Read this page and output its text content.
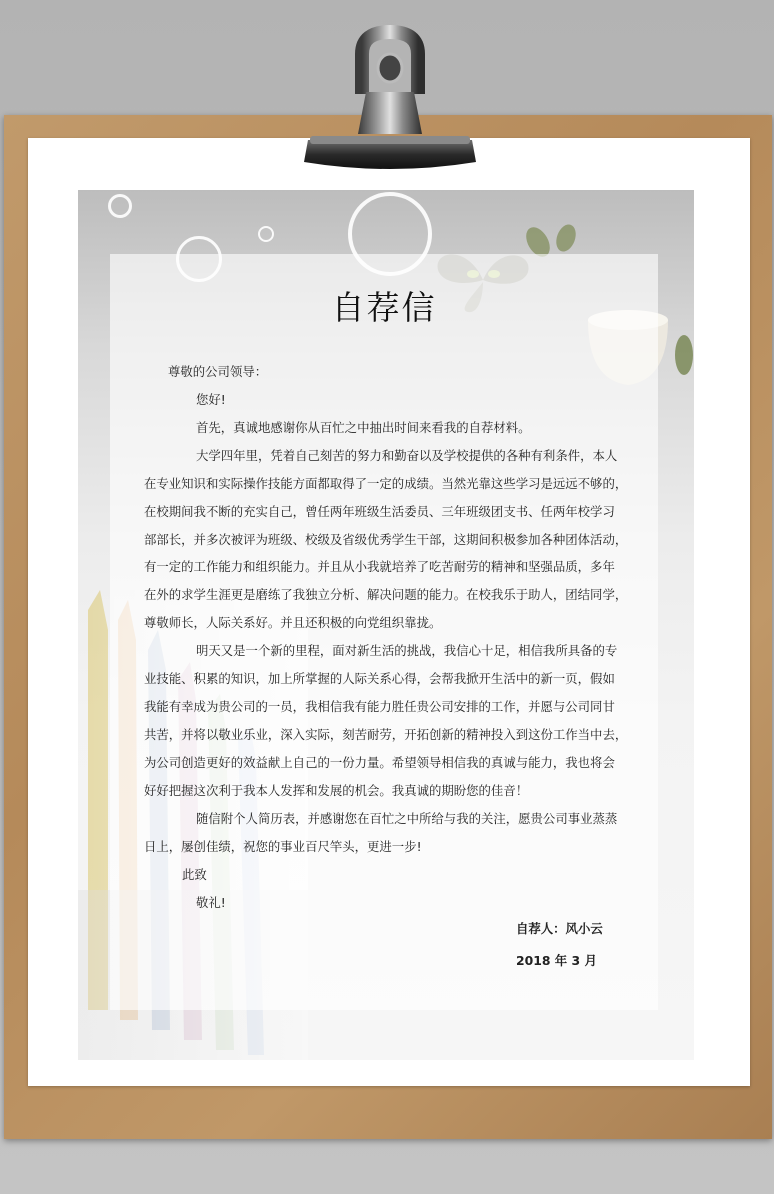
自荐信
尊敬的公司领导：
您好!
首先，真诚地感谢你从百忙之中抽出时间来看我的自荐材料。
大学四年里，凭着自己刻苦的努力和勤奋以及学校提供的各种有利条件，本人
在专业知识和实际操作技能方面都取得了一定的成绩。当然光靠这些学习是远远不够的，
在校期间我不断的充实自己，曾任两年班级生活委员、三年班级团支书、任两年校学习
部部长，并多次被评为班级、校级及省级优秀学生干部，这期间积极参加各种团体活动，
有一定的工作能力和组织能力。并且从小我就培养了吃苦耐劳的精神和坚强品质，多年
在外的求学生涯更是磨练了我独立分析、解决问题的能力。在校我乐于助人，团结同学，
尊敬师长，人际关系好。并且还积极的向党组织靠拢。
明天又是一个新的里程，面对新生活的挑战，我信心十足，相信我所具备的专
业技能、积累的知识，加上所掌握的人际关系心得，会帮我掀开生活中的新一页，假如
我能有幸成为贵公司的一员，我相信我有能力胜任贵公司安排的工作，并愿与公司同甘
共苦，并将以敬业乐业，深入实际，刻苦耐劳，开拓创新的精神投入到这份工作当中去，
为公司创造更好的效益献上自己的一份力量。希望领导相信我的真诚与能力，我也将会
好好把握这次利于我本人发挥和发展的机会。我真诚的期盼您的佳音！
随信附个人简历表，并感谢您在百忙之中所给与我的关注，愿贵公司事业蒸蒸
日上，屡创佳绩，祝您的事业百尺竿头，更进一步!
此致
敬礼!
自荐人：风小云
2018 年 3 月
